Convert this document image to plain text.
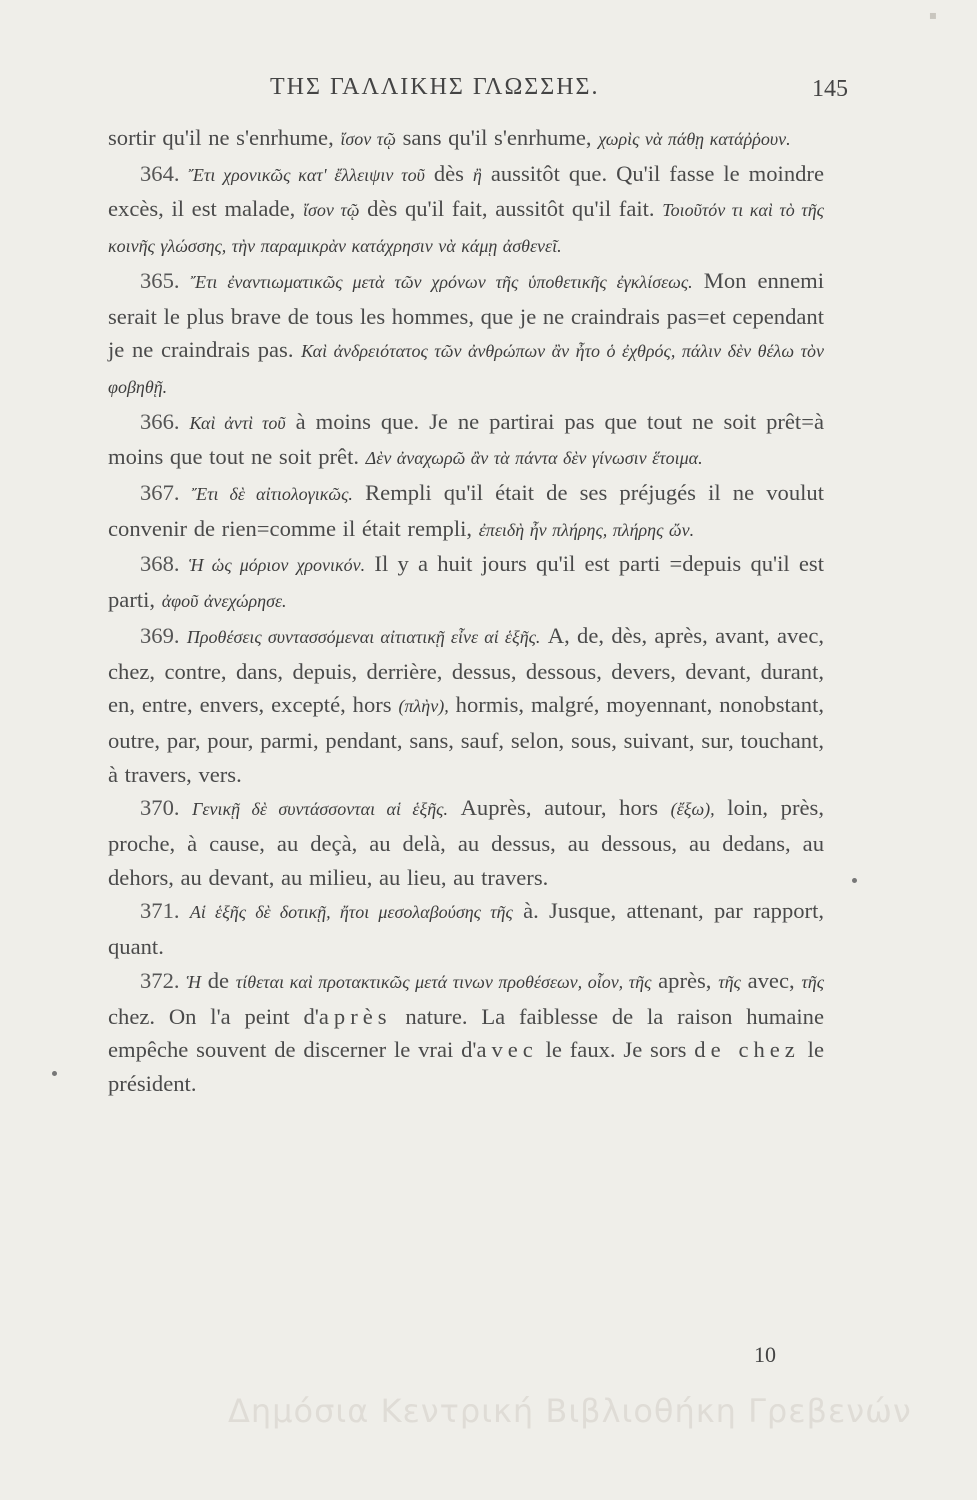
▪
ΤΗΣ ΓΑΛΛΙΚΗΣ ΓΛΩΣΣΗΣ.	145

sortir qu'il ne s'enrhume, ἴσον τῷ sans qu'il s'enrhume, χωρὶς νὰ πάθῃ κατάῤῥουν.

364. Ἔτι χρονικῶς κατ' ἔλλειψιν τοῦ dès ἢ aussitôt que. Qu'il fasse le moindre excès, il est malade, ἴσον τῷ dès qu'il fait, aussitôt qu'il fait. Τοιοῦτόν τι καὶ τὸ τῆς κοινῆς γλώσσης, τὴν παραμικρὰν κατάχρησιν νὰ κάμῃ ἀσθενεῖ.

365. Ἔτι ἐναντιωματικῶς μετὰ τῶν χρόνων τῆς ὑποθετικῆς ἐγκλίσεως. Mon ennemi serait le plus brave de tous les hommes, que je ne craindrais pas=et cependant je ne craindrais pas. Καὶ ἀνδρειότατος τῶν ἀνθρώπων ἂν ἦτο ὁ ἐχθρός, πάλιν δὲν θέλω τὸν φοβηθῇ.

366. Καὶ ἀντὶ τοῦ à moins que. Je ne partirai pas que tout ne soit prêt=à moins que tout ne soit prêt. Δὲν ἀναχωρῶ ἂν τὰ πάντα δὲν γίνωσιν ἕτοιμα.

367. Ἔτι δὲ αἰτιολογικῶς. Rempli qu'il était de ses préjugés il ne voulut convenir de rien=comme il était rempli, ἐπειδὴ ἦν πλήρης, πλήρης ὤν.

368. Ἡ ὡς μόριον χρονικόν. Il y a huit jours qu'il est parti =depuis qu'il est parti, ἀφοῦ ἀνεχώρησε.

369. Προθέσεις συντασσόμεναι αἰτιατικῇ εἶνε αἱ ἑξῆς. A, de, dès, après, avant, avec, chez, contre, dans, depuis, derrière, dessus, dessous, devers, devant, durant, en, entre, envers, excepté, hors (πλὴν), hormis, malgré, moyennant, nonobstant, outre, par, pour, parmi, pendant, sans, sauf, selon, sous, suivant, sur, touchant, à travers, vers.

370. Γενικῇ δὲ συντάσσονται αἱ ἑξῆς. Auprès, autour, hors (ἔξω), loin, près, proche, à cause, au deçà, au delà, au dessus, au dessous, au dedans, au dehors, au devant, au milieu, au lieu, au travers.

371. Αἱ ἑξῆς δὲ δοτικῇ, ἤτοι μεσολαβούσης τῆς à. Jusque, attenant, par rapport, quant.

372. Ἡ de τίθεται καὶ προτακτικῶς μετά τινων προθέσεων, οἷον, τῆς après, τῆς avec, τῆς chez. On l'a peint d'après nature. La faiblesse de la raison humaine empêche souvent de discerner le vrai d'avec le faux. Je sors de chez le président.

10
Δημόσια Κεντρική Βιβλιοθήκη Γρεβενών
